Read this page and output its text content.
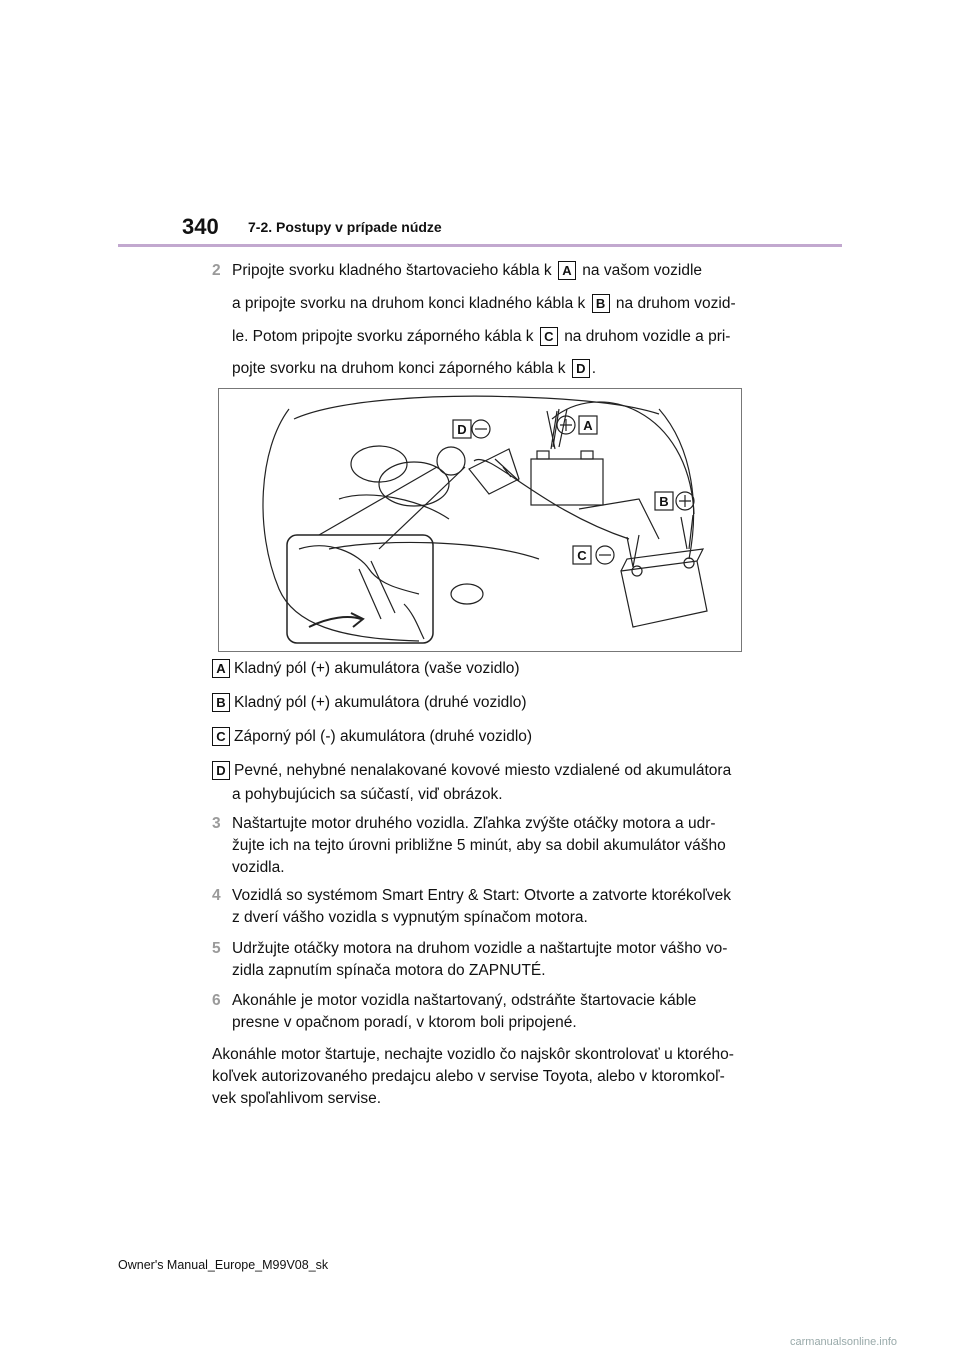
340 7-2. Postupy v prípade núdze
2 Pripojte svorku kladného štartovacieho kábla k A na vašom vozidle
a pripojte svorku na druhom konci kladného kábla k B na druhom vozid-
le. Potom pripojte svorku záporného kábla k C na druhom vozidle a pri-
pojte svorku na druhom konci záporného kábla k D .
A
B
D
C
A Kladný pól (+) akumulátora (vaše vozidlo)
B Kladný pól (+) akumulátora (druhé vozidlo)
C Záporný pól (-) akumulátora (druhé vozidlo)
D Pevné, nehybné nenalakované kovové miesto vzdialené od akumulátora
a pohybujúcich sa súčastí, viď obrázok.
3 Naštartujte motor druhého vozidla. Zľahka zvýšte otáčky motora a udr-
žujte ich na tejto úrovni približne 5 minút, aby sa dobil akumulátor vášho
vozidla.
4 Vozidlá so systémom Smart Entry & Start: Otvorte a zatvorte ktorékoľvek
z dverí vášho vozidla s vypnutým spínačom motora.
5 Udržujte otáčky motora na druhom vozidle a naštartujte motor vášho vo-
zidla zapnutím spínača motora do ZAPNUTÉ.
6 Akonáhle je motor vozidla naštartovaný, odstráňte štartovacie káble
presne v opačnom poradí, v ktorom boli pripojené.
Akonáhle motor štartuje, nechajte vozidlo čo najskôr skontrolovať u ktorého-
koľvek autorizovaného predajcu alebo v servise Toyota, alebo v ktoromkoľ-
vek spoľahlivom servise.
Owner's Manual_Europe_M99V08_sk
carmanualsonline.info
